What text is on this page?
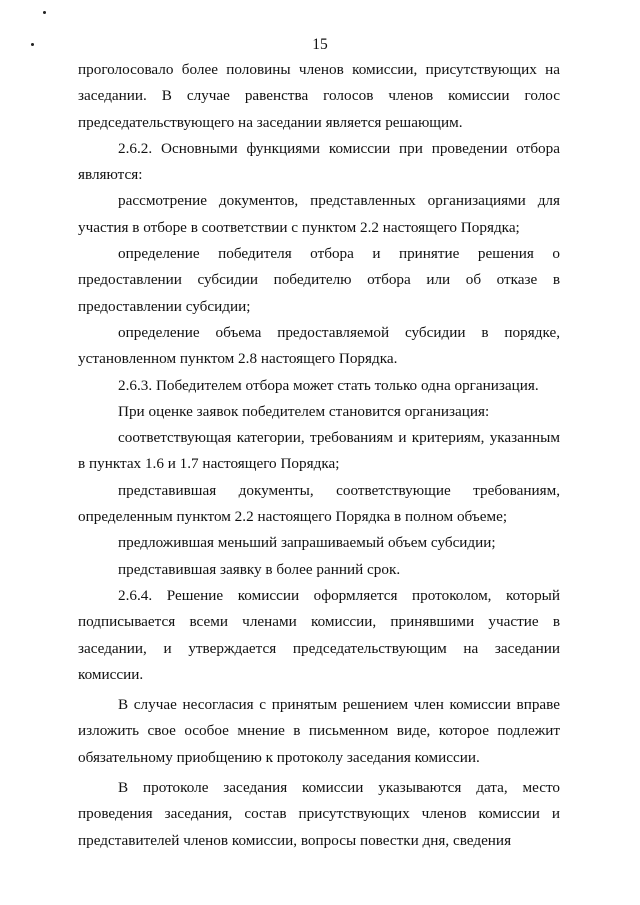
15

проголосовало более половины членов комиссии, присутствующих на заседании. В случае равенства голосов членов комиссии голос председательствующего на заседании является решающим.

2.6.2. Основными функциями комиссии при проведении отбора являются:

рассмотрение документов, представленных организациями для участия в отборе в соответствии с пунктом 2.2 настоящего Порядка;

определение победителя отбора и принятие решения о предоставлении субсидии победителю отбора или об отказе в предоставлении субсидии;

определение объема предоставляемой субсидии в порядке, установленном пунктом 2.8 настоящего Порядка.

2.6.3. Победителем отбора может стать только одна организация.

При оценке заявок победителем становится организация:

соответствующая категории, требованиям и критериям, указанным в пунктах 1.6 и 1.7 настоящего Порядка;

представившая документы, соответствующие требованиям, определенным пунктом 2.2 настоящего Порядка в полном объеме;

предложившая меньший запрашиваемый объем субсидии;

представившая заявку в более ранний срок.

2.6.4. Решение комиссии оформляется протоколом, который подписывается всеми членами комиссии, принявшими участие в заседании, и утверждается председательствующим на заседании комиссии.

В случае несогласия с принятым решением член комиссии вправе изложить свое особое мнение в письменном виде, которое подлежит обязательному приобщению к протоколу заседания комиссии.

В протоколе заседания комиссии указываются дата, место проведения заседания, состав присутствующих членов комиссии и представителей членов комиссии, вопросы повестки дня, сведения
